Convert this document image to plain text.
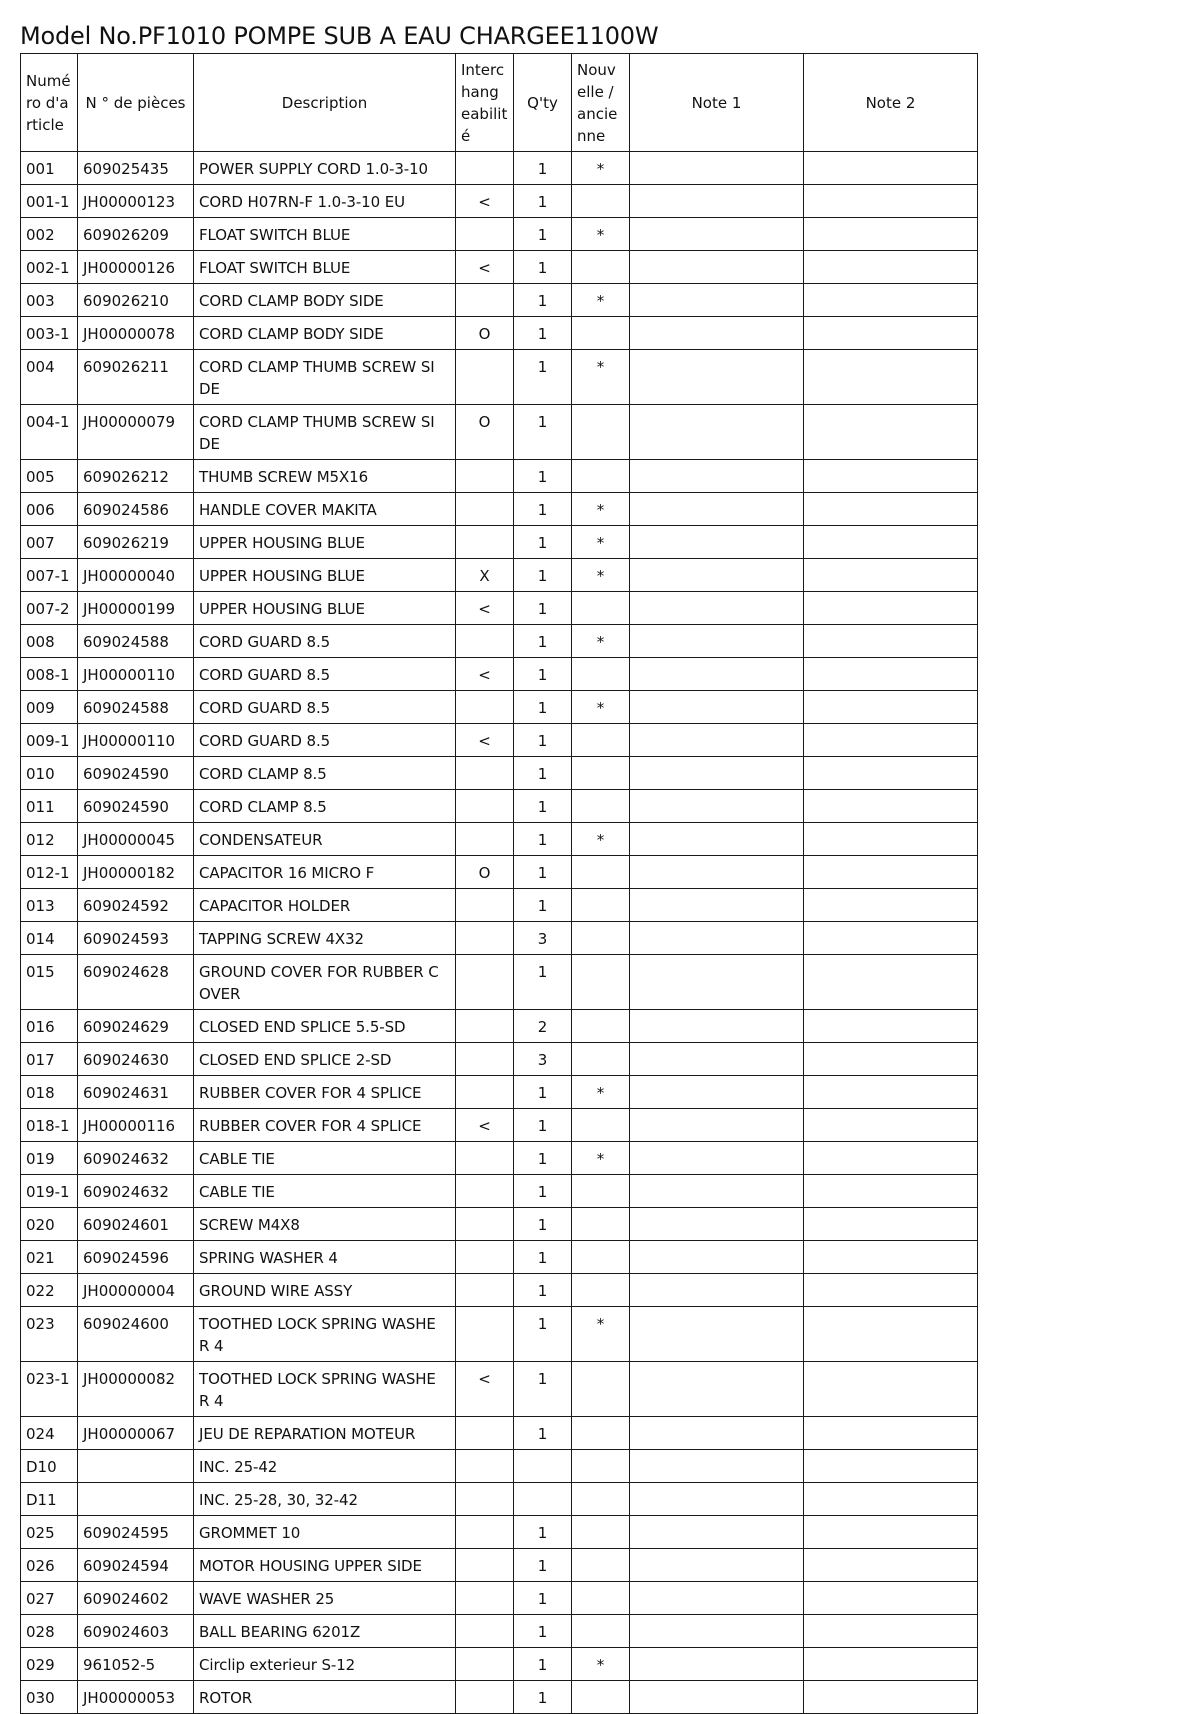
Model No.PF1010 POMPE SUB A EAU CHARGEE1100W
Numé ro d'a rticle	N ° de pièces	Description	Interc hang eabilit é	Q'ty	Nouv elle / ancie nne	Note 1	Note 2
001	609025435	POWER SUPPLY CORD 1.0-3-10		1	*		
001-1	JH00000123	CORD H07RN-F 1.0-3-10 EU	<	1			
002	609026209	FLOAT SWITCH BLUE		1	*		
002-1	JH00000126	FLOAT SWITCH BLUE	<	1			
003	609026210	CORD CLAMP BODY SIDE		1	*		
003-1	JH00000078	CORD CLAMP BODY SIDE	O	1			
004	609026211	CORD CLAMP THUMB SCREW SI DE		1	*		
004-1	JH00000079	CORD CLAMP THUMB SCREW SI DE	O	1			
005	609026212	THUMB SCREW M5X16		1			
006	609024586	HANDLE COVER MAKITA		1	*		
007	609026219	UPPER HOUSING BLUE		1	*		
007-1	JH00000040	UPPER HOUSING BLUE	X	1	*		
007-2	JH00000199	UPPER HOUSING BLUE	<	1			
008	609024588	CORD GUARD 8.5		1	*		
008-1	JH00000110	CORD GUARD 8.5	<	1			
009	609024588	CORD GUARD 8.5		1	*		
009-1	JH00000110	CORD GUARD 8.5	<	1			
010	609024590	CORD CLAMP 8.5		1			
011	609024590	CORD CLAMP 8.5		1			
012	JH00000045	CONDENSATEUR		1	*		
012-1	JH00000182	CAPACITOR 16 MICRO F	O	1			
013	609024592	CAPACITOR HOLDER		1			
014	609024593	TAPPING SCREW 4X32		3			
015	609024628	GROUND COVER FOR RUBBER C OVER		1			
016	609024629	CLOSED END SPLICE 5.5-SD		2			
017	609024630	CLOSED END SPLICE 2-SD		3			
018	609024631	RUBBER COVER FOR 4 SPLICE		1	*		
018-1	JH00000116	RUBBER COVER FOR 4 SPLICE	<	1			
019	609024632	CABLE TIE		1	*		
019-1	609024632	CABLE TIE		1			
020	609024601	SCREW M4X8		1			
021	609024596	SPRING WASHER 4		1			
022	JH00000004	GROUND WIRE ASSY		1			
023	609024600	TOOTHED LOCK SPRING WASHE R 4		1	*		
023-1	JH00000082	TOOTHED LOCK SPRING WASHE R 4	<	1			
024	JH00000067	JEU DE REPARATION MOTEUR		1			
D10		INC. 25-42					
D11		INC. 25-28, 30, 32-42					
025	609024595	GROMMET 10		1			
026	609024594	MOTOR HOUSING UPPER SIDE		1			
027	609024602	WAVE WASHER 25		1			
028	609024603	BALL BEARING 6201Z		1			
029	961052-5	Circlip exterieur S-12		1	*		
030	JH00000053	ROTOR		1			
